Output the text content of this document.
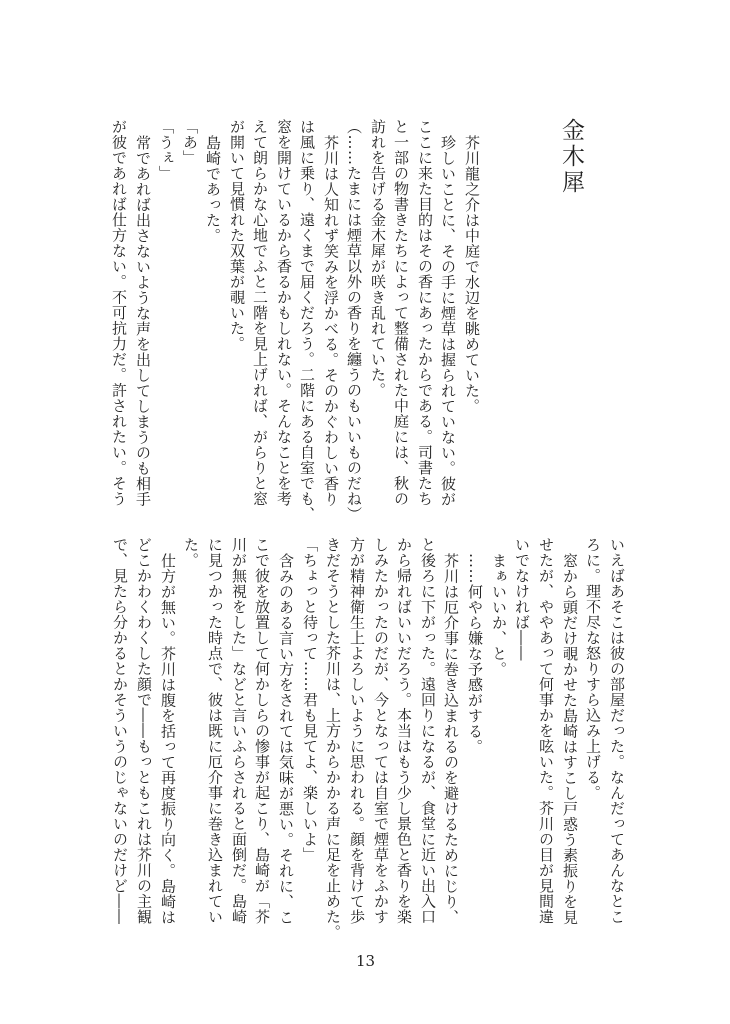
金木犀
芥川龍之介は中庭で水辺を眺めていた。
珍しいことに、その手に煙草は握られていない。彼が
ここに来た目的はその香にあったからである。司書たち
と一部の物書きたちによって整備された中庭には、秋の
訪れを告げる金木犀が咲き乱れていた。
（……たまには煙草以外の香りを纏うのもいいものだね）
芥川は人知れず笑みを浮かべる。そのかぐわしい香り
は風に乗り、遠くまで届くだろう。二階にある自室でも、
窓を開けているから香るかもしれない。そんなことを考
えて朗らかな心地でふと二階を見上げれば、がらりと窓
が開いて見慣れた双葉が覗いた。
島崎であった。
「あ」
「うぇ」
常であれば出さないような声を出してしまうのも相手
が彼であれば仕方ない。不可抗力だ。許されたい。そう
いえばあそこは彼の部屋だった。なんだってあんなとこ
ろに。理不尽な怒りすら込み上げる。
窓から頭だけ覗かせた島崎はすこし戸惑う素振りを見
せたが、ややあって何事かを呟いた。芥川の目が見間違
いでなければ――
まぁいいか、と。
……何やら嫌な予感がする。
芥川は厄介事に巻き込まれるのを避けるためにじり、
と後ろに下がった。遠回りになるが、食堂に近い出入口
から帰ればいいだろう。本当はもう少し景色と香りを楽
しみたかったのだが、今となっては自室で煙草をふかす
方が精神衛生上よろしいように思われる。顔を背けて歩
きだそうとした芥川は、上方からかかる声に足を止めた。
「ちょっと待って……君も見てよ、楽しいよ」
含みのある言い方をされては気味が悪い。それに、こ
こで彼を放置して何かしらの惨事が起こり、島崎が「芥
川が無視をした」などと言いふらされると面倒だ。島崎
に見つかった時点で、彼は既に厄介事に巻き込まれてい
た。
仕方が無い。芥川は腹を括って再度振り向く。島崎は
どこかわくわくした顔で――もっともこれは芥川の主観
で、見たら分かるとかそういうのじゃないのだけど――
13
